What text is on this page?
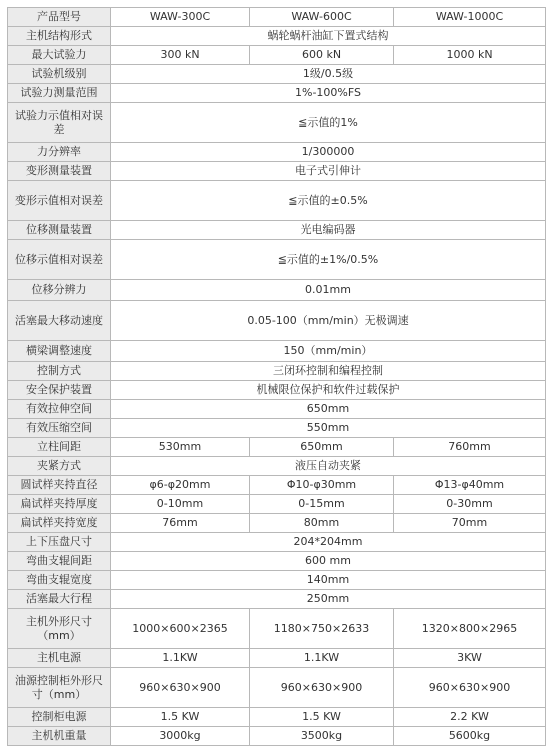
产品型号	WAW-300C	WAW-600C	WAW-1000C
主机结构形式	蜗轮蜗杆油缸下置式结构		
最大试验力	300 kN	600 kN	1000 kN
试验机级别	1级/0.5级		
试验力测量范围	1%-100%FS		
试验力示值相对误差	≦示值的1%		
力分辨率	1/300000		
变形测量装置	电子式引伸计		
变形示值相对误差	≦示值的±0.5%		
位移测量装置	光电编码器		
位移示值相对误差	≦示值的±1%/0.5%		
位移分辨力	0.01mm		
活塞最大移动速度	0.05-100（mm/min）无极调速		
横梁调整速度	150（mm/min）		
控制方式	三闭环控制和编程控制		
安全保护装置	机械限位保护和软件过载保护		
有效拉伸空间	650mm		
有效压缩空间	550mm		
立柱间距	530mm	650mm	760mm
夹紧方式	液压自动夹紧		
圆试样夹持直径	φ6-φ20mm	Φ10-φ30mm	Φ13-φ40mm
扁试样夹持厚度	0-10mm	0-15mm	0-30mm
扁试样夹持宽度	76mm	80mm	70mm
上下压盘尺寸	204*204mm		
弯曲支辊间距	600 mm		
弯曲支辊宽度	140mm		
活塞最大行程	250mm		
主机外形尺寸（mm）	1000×600×2365	1180×750×2633	1320×800×2965
主机电源	1.1KW	1.1KW	3KW
油源控制柜外形尺寸（mm）	960×630×900	960×630×900	960×630×900
控制柜电源	1.5 KW	1.5 KW	2.2 KW
主机机重量	3000kg	3500kg	5600kg
